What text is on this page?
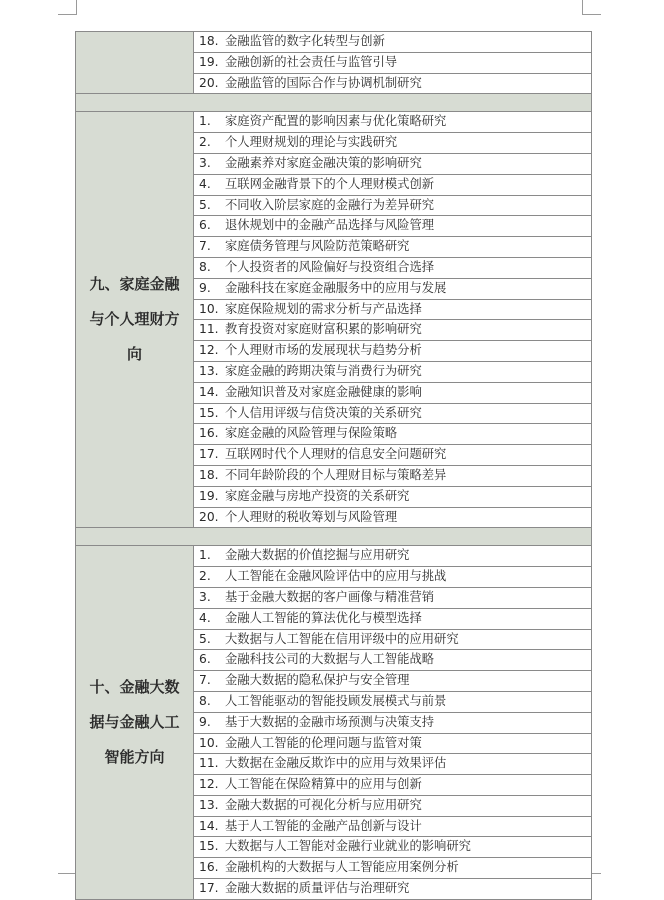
	18. 金融监管的数字化转型与创新
	19. 金融创新的社会责任与监管引导
	20. 金融监管的国际合作与协调机制研究

九、家庭金融
与个人理财方
向	1. 家庭资产配置的影响因素与优化策略研究
	2. 个人理财规划的理论与实践研究
	3. 金融素养对家庭金融决策的影响研究
	4. 互联网金融背景下的个人理财模式创新
	5. 不同收入阶层家庭的金融行为差异研究
	6. 退休规划中的金融产品选择与风险管理
	7. 家庭债务管理与风险防范策略研究
	8. 个人投资者的风险偏好与投资组合选择
	9. 金融科技在家庭金融服务中的应用与发展
	10. 家庭保险规划的需求分析与产品选择
	11. 教育投资对家庭财富积累的影响研究
	12. 个人理财市场的发展现状与趋势分析
	13. 家庭金融的跨期决策与消费行为研究
	14. 金融知识普及对家庭金融健康的影响
	15. 个人信用评级与信贷决策的关系研究
	16. 家庭金融的风险管理与保险策略
	17. 互联网时代个人理财的信息安全问题研究
	18. 不同年龄阶段的个人理财目标与策略差异
	19. 家庭金融与房地产投资的关系研究
	20. 个人理财的税收筹划与风险管理

十、金融大数
据与金融人工
智能方向	1. 金融大数据的价值挖掘与应用研究
	2. 人工智能在金融风险评估中的应用与挑战
	3. 基于金融大数据的客户画像与精准营销
	4. 金融人工智能的算法优化与模型选择
	5. 大数据与人工智能在信用评级中的应用研究
	6. 金融科技公司的大数据与人工智能战略
	7. 金融大数据的隐私保护与安全管理
	8. 人工智能驱动的智能投顾发展模式与前景
	9. 基于大数据的金融市场预测与决策支持
	10. 金融人工智能的伦理问题与监管对策
	11. 大数据在金融反欺诈中的应用与效果评估
	12. 人工智能在保险精算中的应用与创新
	13. 金融大数据的可视化分析与应用研究
	14. 基于人工智能的金融产品创新与设计
	15. 大数据与人工智能对金融行业就业的影响研究
	16. 金融机构的大数据与人工智能应用案例分析
	17. 金融大数据的质量评估与治理研究
